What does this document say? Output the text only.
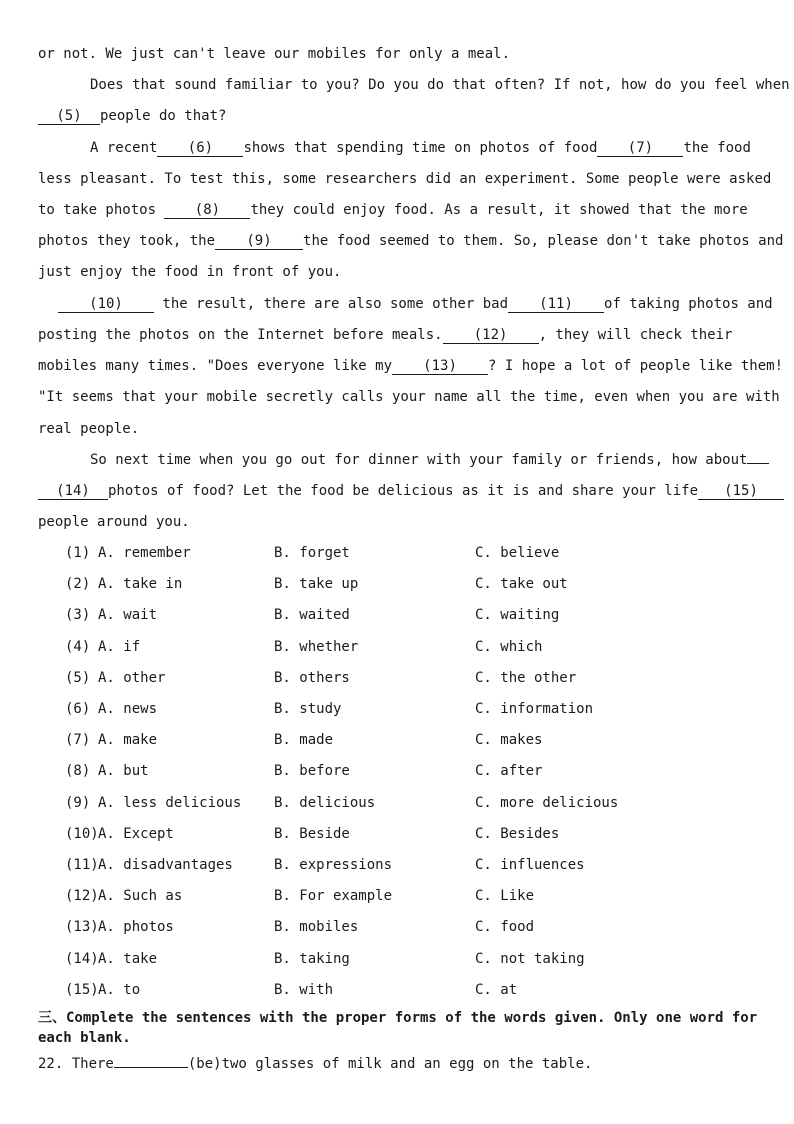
or not. We just can't leave our mobiles for only a meal.
Does that sound familiar to you? Do you do that often? If not, how do you feel when
(5) people do that?
A recent (6) shows that spending time on photos of food (7) the food
less pleasant. To test this, some researchers did an experiment. Some people were asked
to take photos (8) they could enjoy food. As a result, it showed that the more
photos they took, the (9) the food seemed to them. So, please don't take photos and
just enjoy the food in front of you.
(10) the result, there are also some other bad (11) of taking photos and
posting the photos on the Internet before meals. (12) , they will check their
mobiles many times. "Does everyone like my (13) ? I hope a lot of people like them!
"It seems that your mobile secretly calls your name all the time, even when you are with
real people.
So next time when you go out for dinner with your family or friends, how about
(14) photos of food? Let the food be delicious as it is and share your life (15)
people around you.
(1) A. remember	B. forget	C. believe
(2) A. take in	B. take up	C. take out
(3) A. wait	B. waited	C. waiting
(4) A. if	B. whether	C. which
(5) A. other	B. others	C. the other
(6) A. news	B. study	C. information
(7) A. make	B. made	C. makes
(8) A. but	B. before	C. after
(9) A. less delicious B. delicious	C. more delicious
(10) A. Except	B. Beside	C. Besides
(11) A. disadvantages	B. expressions	C. influences
(12) A. Such as	B. For example	C. Like
(13) A. photos	B. mobiles	C. food
(14) A. take	B. taking	C. not taking
(15) A. to	B. with	C. at
三、Complete the sentences with the proper forms of the words given. Only one word for each blank.
22. There	(be)two glasses of milk and an egg on the table.
